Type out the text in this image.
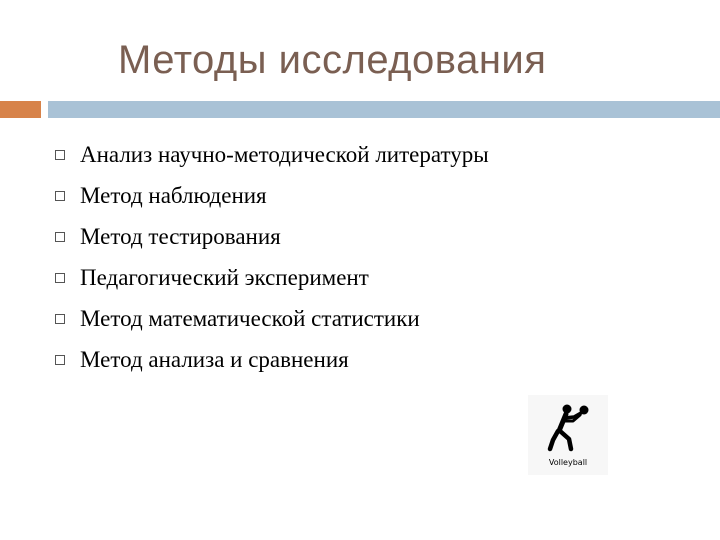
Методы исследования
Анализ научно-методической литературы
Метод наблюдения
Метод тестирования
Педагогический эксперимент
Метод математической статистики
Метод анализа и сравнения
Volleyball
